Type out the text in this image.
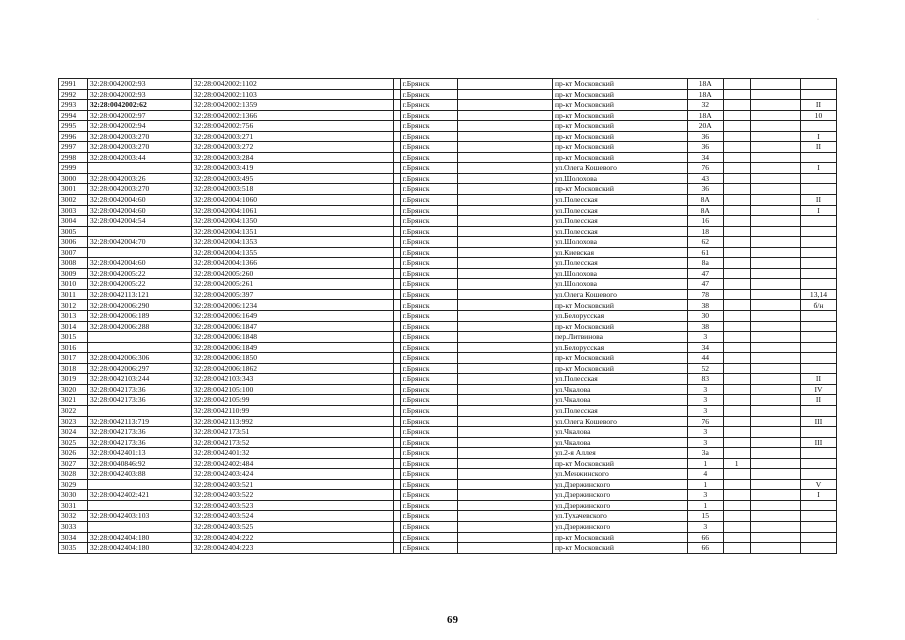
·
2991	32:28:0042002:93	32:28:0042002:1102		г.Брянск		пр-кт Московский	18А			
2992	32:28:0042002:93	32:28:0042002:1103		г.Брянск		пр-кт Московский	18А			
2993	32:28:0042002:62	32:28:0042002:1359		г.Брянск		пр-кт Московский	32			II
2994	32:28:0042002:97	32:28:0042002:1366		г.Брянск		пр-кт Московский	18А			10
2995	32:28:0042002:94	32:28:0042002:756		г.Брянск		пр-кт Московский	20А			
2996	32:28:0042003:270	32:28:0042003:271		г.Брянск		пр-кт Московский	36			I
2997	32:28:0042003:270	32:28:0042003:272		г.Брянск		пр-кт Московский	36			II
2998	32:28:0042003:44	32:28:0042003:284		г.Брянск		пр-кт Московский	34			
2999		32:28:0042003:419		г.Брянск		ул.Олега Кошевого	76			I
3000	32:28:0042003:26	32:28:0042003:495		г.Брянск		ул.Шолохова	43			
3001	32:28:0042003:270	32:28:0042003:518		г.Брянск		пр-кт Московский	36			
3002	32:28:0042004:60	32:28:0042004:1060		г.Брянск		ул.Полесская	8А			II
3003	32:28:0042004:60	32:28:0042004:1061		г.Брянск		ул.Полесская	8А			I
3004	32:28:0042004:54	32:28:0042004:1350		г.Брянск		ул.Полесская	16			
3005		32:28:0042004:1351		г.Брянск		ул.Полесская	18			
3006	32:28:0042004:70	32:28:0042004:1353		г.Брянск		ул.Шолохова	62			
3007		32:28:0042004:1355		г.Брянск		ул.Киевская	61			
3008	32:28:0042004:60	32:28:0042004:1366		г.Брянск		ул.Полесская	8а			
3009	32:28:0042005:22	32:28:0042005:260		г.Брянск		ул.Шолохова	47			
3010	32:28:0042005:22	32:28:0042005:261		г.Брянск		ул.Шолохова	47			
3011	32:28:0042113:121	32:28:0042005:397		г.Брянск		ул.Олега Кошевого	78			13,14
3012	32:28:0042006:290	32:28:0042006:1234		г.Брянск		пр-кт Московский	38			б/н
3013	32:28:0042006:189	32:28:0042006:1649		г.Брянск		ул.Белорусская	30			
3014	32:28:0042006:288	32:28:0042006:1847		г.Брянск		пр-кт Московский	38			
3015		32:28:0042006:1848		г.Брянск		пер.Литвинова	3			
3016		32:28:0042006:1849		г.Брянск		ул.Белорусская	34			
3017	32:28:0042006:306	32:28:0042006:1850		г.Брянск		пр-кт Московский	44			
3018	32:28:0042006:297	32:28:0042006:1862		г.Брянск		пр-кт Московский	52			
3019	32:28:0042103:244	32:28:0042103:343		г.Брянск		ул.Полесская	83			II
3020	32:28:0042173:36	32:28:0042105:100		г.Брянск		ул.Чкалова	3			IV
3021	32:28:0042173:36	32:28:0042105:99		г.Брянск		ул.Чкалова	3			II
3022		32:28:0042110:99		г.Брянск		ул.Полесская	3			
3023	32:28:0042113:719	32:28:0042113:992		г.Брянск		ул.Олега Кошевого	76			III
3024	32:28:0042173:36	32:28:0042173:51		г.Брянск		ул.Чкалова	3			
3025	32:28:0042173:36	32:28:0042173:52		г.Брянск		ул.Чкалова	3			III
3026	32:28:0042401:13	32:28:0042401:32		г.Брянск		ул.2-я Аллея	3а			
3027	32:28:0040846:92	32:28:0042402:484		г.Брянск		пр-кт Московский	1	1		
3028	32:28:0042403:88	32:28:0042403:424		г.Брянск		ул.Менжинского	4			
3029		32:28:0042403:521		г.Брянск		ул.Дзержинского	1			V
3030	32:28:0042402:421	32:28:0042403:522		г.Брянск		ул.Дзержинского	3			I
3031		32:28:0042403:523		г.Брянск		ул.Дзержинского	1			
3032	32:28:0042403:103	32:28:0042403:524		г.Брянск		ул.Тухачевского	15			
3033		32:28:0042403:525		г.Брянск		ул.Дзержинского	3			
3034	32:28:0042404:180	32:28:0042404:222		г.Брянск		пр-кт Московский	66			
3035	32:28:0042404:180	32:28:0042404:223		г.Брянск		пр-кт Московский	66			
69
